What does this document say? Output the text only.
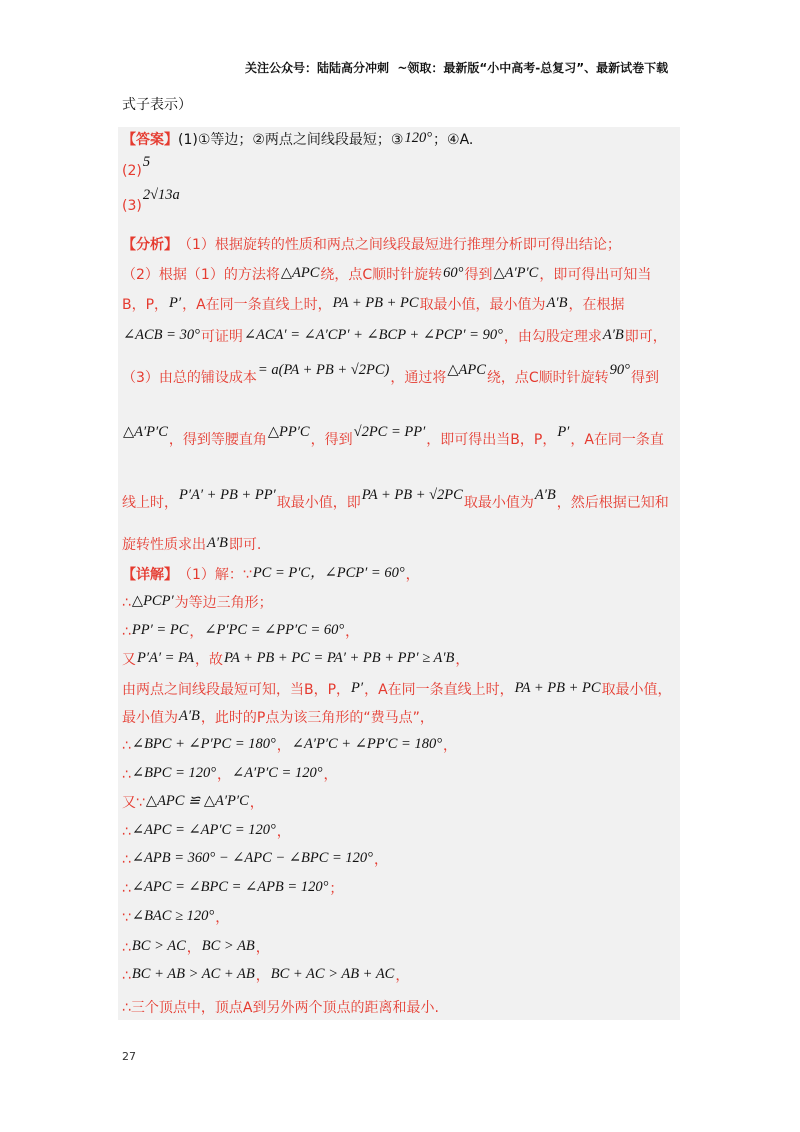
关注公众号：陆陆高分冲刺  ~领取：最新版“小中高考-总复习”、最新试卷下载
式子表示）
【答案】 (1)①等边；②两点之间线段最短；③ 120° ；④A.
(2)
5
(3)
2√13a
【分析】 （1）根据旋转的性质和两点之间线段最短进行推理分析即可得出结论；
（2）根据（1）的方法将 △APC 绕，点C顺时针旋转 60° 得到 △A′P′C ，即可得出可知当
B，P， P′ ，A在同一条直线上时， PA + PB + PC 取最小值，最小值为 A′B ，在根据
∠ACB = 30° 可证明 ∠ACA′ = ∠A′CP′ + ∠BCP + ∠PCP′ = 90° ，由勾股定理求 A′B 即可，
（3）由总的铺设成本 = a(PA + PB + √2PC) ，通过将 △APC 绕，点C顺时针旋转 90° 得到
△A′P′C ，得到等腰直角 △PP′C ，得到 √2PC = PP′ ，即可得出当B，P， P′ ，A在同一条直
线上时， P′A′ + PB + PP′ 取最小值，即 PA + PB + √2PC 取最小值为 A′B ，然后根据已知和
旋转性质求出 A′B 即可.
【详解】 （1）解：∵ PC = P′C，∠PCP′ = 60° ，
∴ △PCP′ 为等边三角形；
∴ PP′ = PC ， ∠P′PC = ∠PP′C = 60° ，
又 P′A′ = PA ，故 PA + PB + PC = PA′ + PB + PP′ ≥ A′B ，
由两点之间线段最短可知，当B，P， P′ ，A在同一条直线上时， PA + PB + PC 取最小值，
最小值为 A′B ，此时的P点为该三角形的“费马点”，
∴ ∠BPC + ∠P′PC = 180° ， ∠A′P′C + ∠PP′C = 180° ，
∴ ∠BPC = 120° ， ∠A′P′C = 120° ，
又∵ △APC ≌ △A′P′C ，
∴ ∠APC = ∠AP′C = 120° ，
∴ ∠APB = 360° − ∠APC − ∠BPC = 120° ，
∴ ∠APC = ∠BPC = ∠APB = 120° ；
∵ ∠BAC ≥ 120° ，
∴ BC > AC ， BC > AB ，
∴ BC + AB > AC + AB ， BC + AC > AB + AC ，
∴三个顶点中，顶点A到另外两个顶点的距离和最小.
27
